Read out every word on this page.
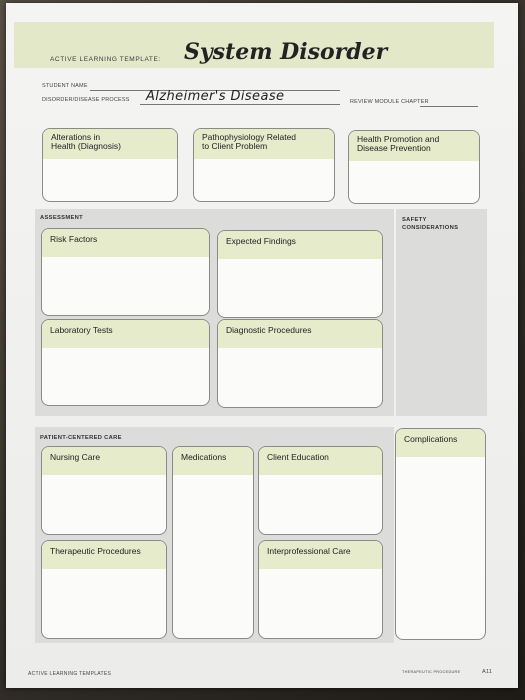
ACTIVE LEARNING TEMPLATE: System Disorder
STUDENT NAME
DISORDER/DISEASE PROCESS Alzheimer's Disease	REVIEW MODULE CHAPTER
Alterations in
Health (Diagnosis)
Pathophysiology Related
to Client Problem
Health Promotion and
Disease Prevention
ASSESSMENT
Risk Factors	Expected Findings
Laboratory Tests	Diagnostic Procedures
SAFETY
CONSIDERATIONS
PATIENT-CENTERED CARE
Nursing Care	Medications	Client Education
Therapeutic Procedures	Interprofessional Care
Complications
ACTIVE LEARNING TEMPLATES	THERAPEUTIC PROCEDURE	A11
